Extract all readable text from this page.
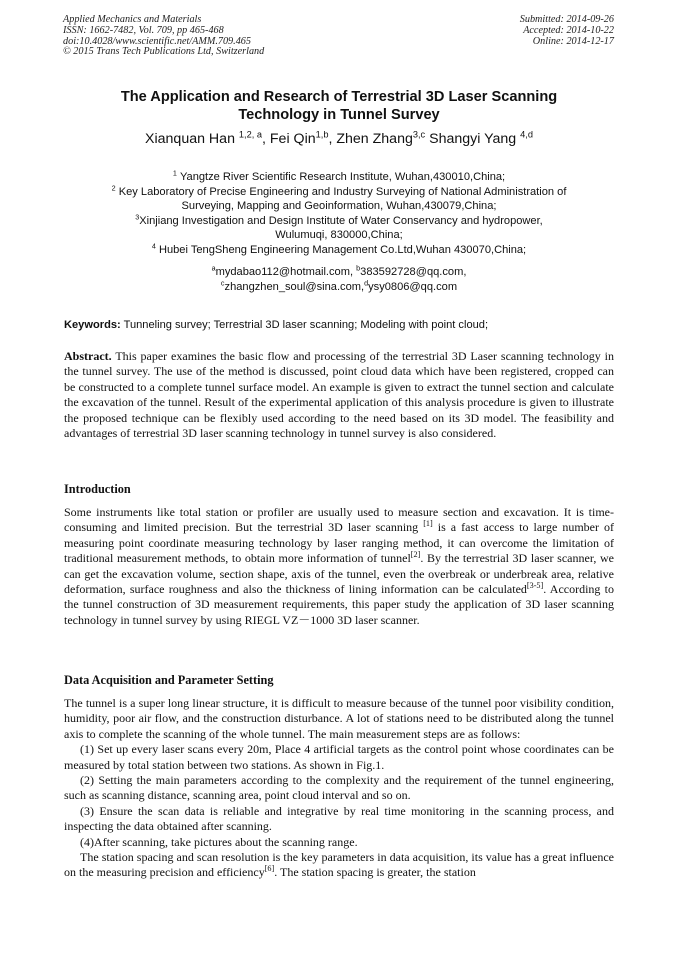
Applied Mechanics and Materials
ISSN: 1662-7482, Vol. 709, pp 465-468
doi:10.4028/www.scientific.net/AMM.709.465
© 2015 Trans Tech Publications Ltd, Switzerland
Submitted: 2014-09-26
Accepted: 2014-10-22
Online: 2014-12-17
The Application and Research of Terrestrial 3D Laser Scanning
Technology in Tunnel Survey
Xianquan Han $^{1,2, a}$, Fei Qin$^{1,b}$, Zhen Zhang$^{3,c}$ Shangyi Yang $^{4,d}$
$^1$ Yangtze River Scientific Research Institute, Wuhan,430010,China;
$^2$ Key Laboratory of Precise Engineering and Industry Surveying of National Administration of
Surveying, Mapping and Geoinformation, Wuhan,430079,China;
$^3$Xinjiang Investigation and Design Institute of Water Conservancy and hydropower,
Wulumuqi, 830000,China;
$^4$ Hubei TengSheng Engineering Management Co.Ltd,Wuhan 430070,China;
$^a$mydabao112@hotmail.com, $^b$383592728@qq.com,
$^c$zhangzhen_soul@sina.com,$^d$ysy0806@qq.com
Keywords: Tunneling survey; Terrestrial 3D laser scanning; Modeling with point cloud;

Abstract. This paper examines the basic flow and processing of the terrestrial 3D Laser scanning technology in the tunnel survey. The use of the method is discussed, point cloud data which have been registered, cropped can be constructed to a complete tunnel surface model. An example is given to extract the tunnel section and calculate the excavation of the tunnel. Result of the experimental application of this analysis procedure is given to illustrate the proposed technique can be flexibly used according to the need based on its 3D model. The feasibility and advantages of terrestrial 3D laser scanning technology in tunnel survey is also considered.

Introduction

Some instruments like total station or profiler are usually used to measure section and excavation. It is time-consuming and limited precision. But the terrestrial 3D laser scanning [1] is a fast access to large number of measuring point coordinate measuring technology by laser ranging method, it can overcome the limitation of traditional measurement methods, to obtain more information of tunnel[2]. By the terrestrial 3D laser scanner, we can get the excavation volume, section shape, axis of the tunnel, even the overbreak or underbreak area, relative deformation, surface roughness and also the thickness of lining information can be calculated[3-5]. According to the tunnel construction of 3D measurement requirements, this paper study the application of 3D laser scanning technology in tunnel survey by using RIEGL VZ－1000 3D laser scanner.

Data Acquisition and Parameter Setting

The tunnel is a super long linear structure, it is difficult to measure because of the tunnel poor visibility condition, humidity, poor air flow, and the construction disturbance. A lot of stations need to be distributed along the tunnel axis to complete the scanning of the whole tunnel. The main measurement steps are as follows:

(1) Set up every laser scans every 20m, Place 4 artificial targets as the control point whose coordinates can be measured by total station between two stations. As shown in Fig.1.

(2) Setting the main parameters according to the complexity and the requirement of the tunnel engineering, such as scanning distance, scanning area, point cloud interval and so on.

(3) Ensure the scan data is reliable and integrative by real time monitoring in the scanning process, and inspecting the data obtained after scanning.

(4)After scanning, take pictures about the scanning range.

The station spacing and scan resolution is the key parameters in data acquisition, its value has a great influence on the measuring precision and efficiency[6]. The station spacing is greater, the station
